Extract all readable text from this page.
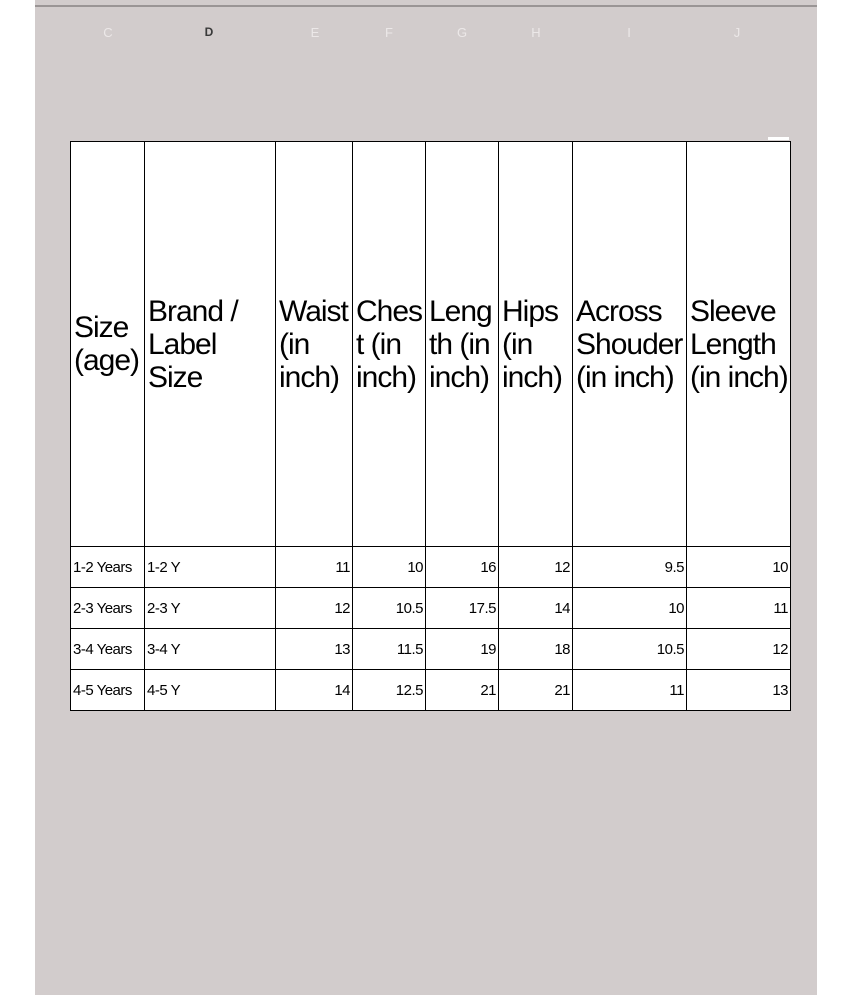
C	D	E	F	G	H	I	J
Size (age)	Brand / Label Size	Waist (in inch)	Chest (in inch)	Length (in inch)	Hips (in inch)	Across Shouder (in inch)	Sleeve Length (in inch)
1-2 Years	1-2 Y	11	10	16	12	9.5	10
2-3 Years	2-3 Y	12	10.5	17.5	14	10	11
3-4 Years	3-4 Y	13	11.5	19	18	10.5	12
4-5 Years	4-5 Y	14	12.5	21	21	11	13
